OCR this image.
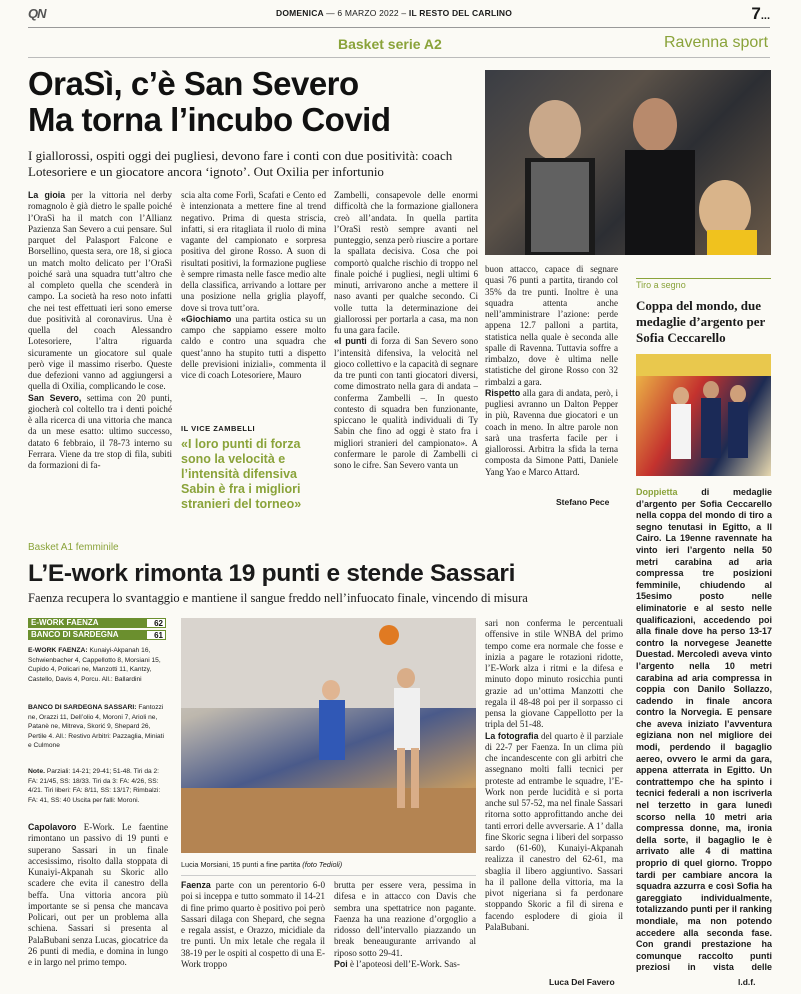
QN	DOMENICA — 6 MARZO 2022 – IL RESTO DEL CARLINO	7...
Basket serie A2	Ravenna sport
OraSì, c’è San Severo
Ma torna l’incubo Covid
I giallorossi, ospiti oggi dei pugliesi, devono fare i conti con due positività: coach Lotesoriere e un giocatore ancora ‘ignoto’. Out Oxilia per infortunio

La gioia per la vittoria nel derby romagnolo è già dietro le spalle poiché l’OraSì ha il match con l’Allianz Pazienza San Severo a cui pensare. Sul parquet del Palasport Falcone e Borsellino, questa sera, ore 18, si gioca un match molto delicato per l’OraSì poiché sarà una squadra tutt’altro che al completo quella che scenderà in campo. La società ha reso noto infatti che nei test effettuati ieri sono emerse due positività al coronavirus. Una è quella del coach Alessandro Lotesoriere, l’altra riguarda sicuramente un giocatore sul quale però vige il massimo riserbo. Queste due defezioni vanno ad aggiungersi a quella di Oxilia, complicando le cose.

San Severo, settima con 20 punti, giocherà col coltello tra i denti poiché è alla ricerca di una vittoria che manca da un mese esatto: ultimo successo, datato 6 febbraio, il 78-73 interno su Ferrara. Viene da tre stop di fila, subiti da formazioni di fa-

scia alta come Forlì, Scafati e Cento ed è intenzionata a mettere fine al trend negativo. Prima di questa striscia, infatti, si era ritagliata il ruolo di mina vagante del campionato e sorpresa positiva del girone Rosso. A suon di risultati positivi, la formazione pugliese è sempre rimasta nelle fasce medio alte della classifica, arrivando a lottare per una posizione nella griglia playoff, dove si trova tutt’ora.

«Giochiamo una partita ostica su un campo che sappiamo essere molto caldo e contro una squadra che quest’anno ha stupito tutti a dispetto delle previsioni iniziali», commenta il vice di coach Lotesoriere, Mauro

IL VICE ZAMBELLI
«I loro punti di forza sono la velocità e l’intensità difensiva Sabin è fra i migliori stranieri del torneo»

Zambelli, consapevole delle enormi difficoltà che la formazione giallonera creò all’andata. In quella partita l’OraSì restò sempre avanti nel punteggio, senza però riuscire a portare la spallata decisiva. Cosa che poi comportò qualche rischio di troppo nel finale poiché i pugliesi, negli ultimi 6 minuti, arrivarono anche a mettere il naso avanti per qualche secondo. Ci volle tutta la determinazione dei giallorossi per portarla a casa, ma non fu una gara facile.

«I punti di forza di San Severo sono l’intensità difensiva, la velocità nel gioco collettivo e la capacità di segnare da tre punti con tanti giocatori diversi, come dimostrato nella gara di andata – conferma Zambelli –. In questo contesto di squadra ben funzionante, spiccano le qualità individuali di Ty Sabin che fino ad oggi è stato fra i migliori stranieri del campionato». A confermare le parole di Zambelli ci sono le cifre. San Severo vanta un

buon attacco, capace di segnare quasi 76 punti a partita, tirando col 35% da tre punti. Inoltre è una squadra attenta anche nell’amministrare l’azione: perde appena 12.7 palloni a partita, statistica nella quale è seconda alle spalle di Ravenna. Tuttavia soffre a rimbalzo, dove è ultima nelle statistiche del girone Rosso con 32 rimbalzi a gara.

Rispetto alla gara di andata, però, i pugliesi avranno un Dalton Pepper in più, Ravenna due giocatori e un coach in meno. In altre parole non sarà una trasferta facile per i giallorossi. Arbitra la sfida la terna composta da Simone Patti, Daniele Yang Yao e Marco Attard.

Stefano Pece
Tiro a segno
Coppa del mondo, due medaglie d’argento per Sofia Ceccarello
Doppietta	di medaglie d’argento per Sofia Ceccarello nella coppa del mondo di tiro a segno tenutasi in Egitto, a Il Cairo. La 19enne ravennate ha vinto ieri l’argento nella 50 metri carabina ad aria compressa tre posizioni femminile, chiudendo al 15esimo posto nelle eliminatorie e al sesto nelle qualificazioni, accedendo poi alla finale dove ha perso 13-17 contro la norvegese Jeanette Duestad. Mercoledì aveva vinto l’argento nella 10 metri carabina ad aria compressa in coppia con Danilo Sollazzo, cadendo in finale ancora contro la Norvegia. E pensare che aveva iniziato l’avventura egiziana non nel migliore dei modi, perdendo il bagaglio aereo, ovvero le armi da gara, appena atterrata in Egitto. Un contrattempo che ha spinto i tecnici federali a non iscriverla nel terzetto in gara lunedì scorso nella 10 metri aria compressa donne, ma, ironia della sorte, il bagaglio le è arrivato alle 4 di mattina proprio di quel giorno. Troppo tardi per cambiare ancora la squadra azzurra e così Sofia ha gareggiato individualmente, totalizzando punti per il ranking mondiale, ma non potendo accedere alla seconda fase. Con grandi prestazione ha comunque raccolto punti preziosi in vista delle
l.d.f.
Basket A1 femminile
L’E-work rimonta 19 punti e stende Sassari
Faenza recupera lo svantaggio e mantiene il sangue freddo nell’infuocato finale, vincendo di misura
E-WORK FAENZA	62
BANCO DI SARDEGNA	61
E-WORK FAENZA: Kunaiyi-Akpanah 16, Schwienbacher 4, Cappellotto 8, Morsiani 15, Cupido 4, Policari ne, Manzotti 11, Kantzy, Castello, Davis 4, Porcu. All.: Ballardini
BANCO DI SARDEGNA SASSARI: Fantozzi ne, Orazzi 11, Dell’olio 4, Moroni 7, Arioli ne, Patanè ne, Mitreva, Skorić 9, Shepard 26, Pertile 4. All.: Restivo Arbitri: Pazzaglia, Miniati e Culmone
Note. Parziali: 14-21; 29-41; 51-48. Tiri da 2: FA: 21/45, SS: 18/33. Tiri da 3: FA: 4/26, SS: 4/21. Tiri liberi: FA: 8/11, SS: 13/17; Rimbalzi: FA: 41, SS: 40 Uscita per falli: Moroni.

Capolavoro E-Work. Le faentine rimontano un passivo di 19 punti e superano Sassari in un finale accesissimo, risolto dalla stoppata di Kunaiyi-Akpanah su Skoric allo scadere che evita il canestro della beffa. Una vittoria ancora più importante se si pensa che mancava Policari, out per un problema alla schiena. Sassari si presenta al PalaBubani senza Lucas, giocatrice da 26 punti di media, e domina in lungo e in largo nel primo tempo.

Lucia Morsiani, 15 punti a fine partita (foto Tedioli)

Faenza parte con un perentorio 6-0 poi si inceppa e tutto sommato il 14-21 di fine primo quarto è positivo poi però Sassari dilaga con Shepard, che segna e regala assist, e Orazzo, micidiale da tre punti. Un mix letale che regala il 38-19 per le ospiti al cospetto di una E-Work troppo

brutta per essere vera, pessima in difesa e in attacco con Davis che sembra una spettatrice non pagante. Faenza ha una reazione d’orgoglio a ridosso dell’intervallo piazzando un break beneaugurante arrivando al riposo sotto 29-41.

Poi è l’apoteosi dell’E-Work. Sas-

sari non conferma le percentuali offensive in stile WNBA del primo tempo come era normale che fosse e inizia a pagare le rotazioni ridotte, l’E-Work alza i ritmi e la difesa e minuto dopo minuto rosicchia punti grazie ad un’ottima Manzotti che regala il 48-48 poi per il sorpasso ci pensa la giovane Cappellotto per la tripla del 51-48.

La fotografia del quarto è il parziale di 22-7 per Faenza. In un clima più che incandescente con gli arbitri che assegnano molti falli tecnici per proteste ad entrambe le squadre, l’E-Work non perde lucidità e si porta anche sul 57-52, ma nel finale Sassari ritorna sotto approfittando anche dei tanti errori delle avversarie. A 1’ dalla fine Skoric segna i liberi del sorpasso sardo (61-60), Kunaiyi-Akpanah realizza il canestro del 62-61, ma sbaglia il libero aggiuntivo. Sassari ha il pallone della vittoria, ma la pivot nigeriana si fa perdonare stoppando Skoric a fil di sirena e facendo esplodere di gioia il PalaBubani.

Luca Del Favero
